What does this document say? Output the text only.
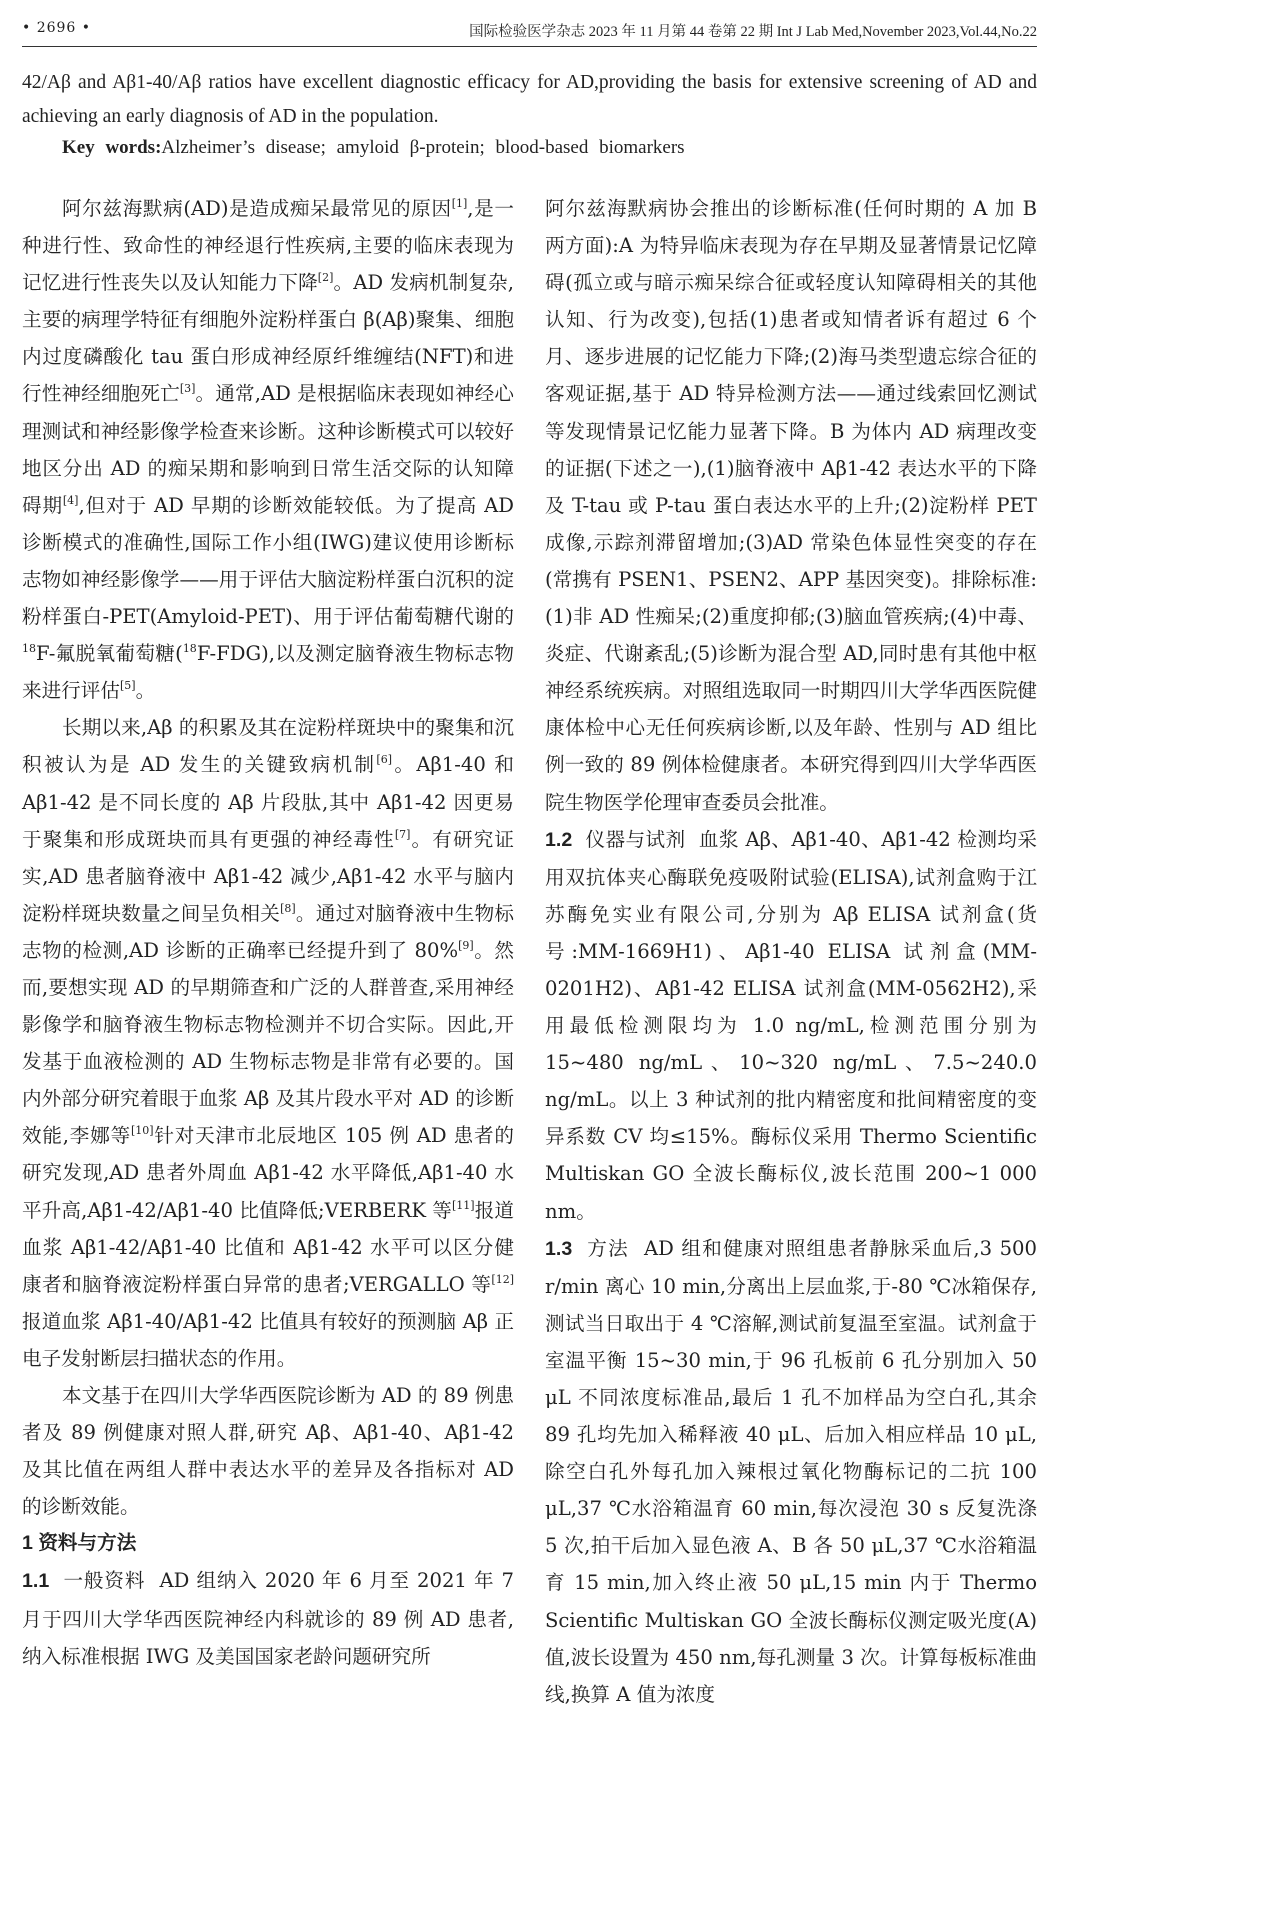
• 2696 •	国际检验医学杂志 2023 年 11 月第 44 卷第 22 期 Int J Lab Med,November 2023,Vol.44,No.22
42/Aβ and Aβ1-40/Aβ ratios have excellent diagnostic efficacy for AD,providing the basis for extensive screening of AD and achieving an early diagnosis of AD in the population.
Key words:Alzheimer’s disease; amyloid β-protein; blood-based biomarkers

阿尔兹海默病(AD)是造成痴呆最常见的原因[1],是一种进行性、致命性的神经退行性疾病,主要的临床表现为记忆进行性丧失以及认知能力下降[2]。AD 发病机制复杂,主要的病理学特征有细胞外淀粉样蛋白 β(Aβ)聚集、细胞内过度磷酸化 tau 蛋白形成神经原纤维缠结(NFT)和进行性神经细胞死亡[3]。通常,AD 是根据临床表现如神经心理测试和神经影像学检查来诊断。这种诊断模式可以较好地区分出 AD 的痴呆期和影响到日常生活交际的认知障碍期[4],但对于 AD 早期的诊断效能较低。为了提高 AD 诊断模式的准确性,国际工作小组(IWG)建议使用诊断标志物如神经影像学——用于评估大脑淀粉样蛋白沉积的淀粉样蛋白-PET(Amyloid-PET)、用于评估葡萄糖代谢的$^{18}$F-氟脱氧葡萄糖($^{18}$F-FDG),以及测定脑脊液生物标志物来进行评估[5]。

长期以来,Aβ 的积累及其在淀粉样斑块中的聚集和沉积被认为是 AD 发生的关键致病机制[6]。Aβ1-40 和 Aβ1-42 是不同长度的 Aβ 片段肽,其中 Aβ1-42 因更易于聚集和形成斑块而具有更强的神经毒性[7]。有研究证实,AD 患者脑脊液中 Aβ1-42 减少,Aβ1-42 水平与脑内淀粉样斑块数量之间呈负相关[8]。通过对脑脊液中生物标志物的检测,AD 诊断的正确率已经提升到了 80%[9]。然而,要想实现 AD 的早期筛查和广泛的人群普查,采用神经影像学和脑脊液生物标志物检测并不切合实际。因此,开发基于血液检测的 AD 生物标志物是非常有必要的。国内外部分研究着眼于血浆 Aβ 及其片段水平对 AD 的诊断效能,李娜等[10]针对天津市北辰地区 105 例 AD 患者的研究发现,AD 患者外周血 Aβ1-42 水平降低,Aβ1-40 水平升高,Aβ1-42/Aβ1-40 比值降低;VERBERK 等[11]报道血浆 Aβ1-42/Aβ1-40 比值和 Aβ1-42 水平可以区分健康者和脑脊液淀粉样蛋白异常的患者;VERGALLO 等[12]报道血浆 Aβ1-40/Aβ1-42 比值具有较好的预测脑 Aβ 正电子发射断层扫描状态的作用。

本文基于在四川大学华西医院诊断为 AD 的 89 例患者及 89 例健康对照人群,研究 Aβ、Aβ1-40、Aβ1-42 及其比值在两组人群中表达水平的差异及各指标对 AD 的诊断效能。

1 资料与方法

1.1 一般资料 AD 组纳入 2020 年 6 月至 2021 年 7 月于四川大学华西医院神经内科就诊的 89 例 AD 患者,纳入标准根据 IWG 及美国国家老龄问题研究所

阿尔兹海默病协会推出的诊断标准(任何时期的 A 加 B 两方面):A 为特异临床表现为存在早期及显著情景记忆障碍(孤立或与暗示痴呆综合征或轻度认知障碍相关的其他认知、行为改变),包括(1)患者或知情者诉有超过 6 个月、逐步进展的记忆能力下降;(2)海马类型遗忘综合征的客观证据,基于 AD 特异检测方法——通过线索回忆测试等发现情景记忆能力显著下降。B 为体内 AD 病理改变的证据(下述之一),(1)脑脊液中 Aβ1-42 表达水平的下降及 T-tau 或 P-tau 蛋白表达水平的上升;(2)淀粉样 PET 成像,示踪剂滞留增加;(3)AD 常染色体显性突变的存在(常携有 PSEN1、PSEN2、APP 基因突变)。排除标准:(1)非 AD 性痴呆;(2)重度抑郁;(3)脑血管疾病;(4)中毒、炎症、代谢紊乱;(5)诊断为混合型 AD,同时患有其他中枢神经系统疾病。对照组选取同一时期四川大学华西医院健康体检中心无任何疾病诊断,以及年龄、性别与 AD 组比例一致的 89 例体检健康者。本研究得到四川大学华西医院生物医学伦理审查委员会批准。

1.2 仪器与试剂 血浆 Aβ、Aβ1-40、Aβ1-42 检测均采用双抗体夹心酶联免疫吸附试验(ELISA),试剂盒购于江苏酶免实业有限公司,分别为 Aβ ELISA 试剂盒(货号:MM-1669H1)、Aβ1-40 ELISA 试剂盒(MM-0201H2)、Aβ1-42 ELISA 试剂盒(MM-0562H2),采用最低检测限均为 1.0 ng/mL,检测范围分别为 15~480 ng/mL、10~320 ng/mL、7.5~240.0 ng/mL。以上 3 种试剂的批内精密度和批间精密度的变异系数 CV 均≤15%。酶标仪采用 Thermo Scientific Multiskan GO 全波长酶标仪,波长范围 200~1 000 nm。

1.3 方法 AD 组和健康对照组患者静脉采血后,3 500 r/min 离心 10 min,分离出上层血浆,于-80 ℃冰箱保存,测试当日取出于 4 ℃溶解,测试前复温至室温。试剂盒于室温平衡 15~30 min,于 96 孔板前 6 孔分别加入 50 μL 不同浓度标准品,最后 1 孔不加样品为空白孔,其余 89 孔均先加入稀释液 40 μL、后加入相应样品 10 μL,除空白孔外每孔加入辣根过氧化物酶标记的二抗 100 μL,37 ℃水浴箱温育 60 min,每次浸泡 30 s 反复洗涤 5 次,拍干后加入显色液 A、B 各 50 μL,37 ℃水浴箱温育 15 min,加入终止液 50 μL,15 min 内于 Thermo Scientific Multiskan GO 全波长酶标仪测定吸光度(A)值,波长设置为 450 nm,每孔测量 3 次。计算每板标准曲线,换算 A 值为浓度
